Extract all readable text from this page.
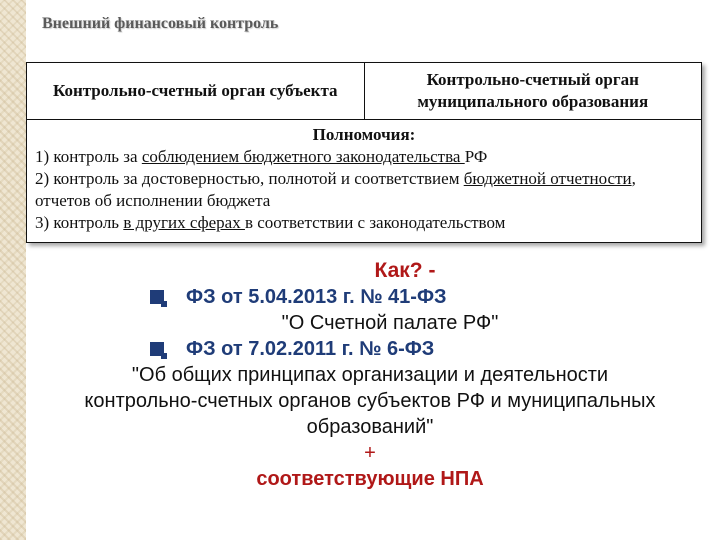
Внешний финансовый контроль
Контрольно-счетный орган субъекта
Контрольно-счетный орган муниципального образования
Полномочия:
1) контроль за соблюдением бюджетного законодательства РФ
2) контроль за достоверностью, полнотой и соответствием бюджетной отчетности, отчетов об исполнении бюджета
3) контроль в других сферах в соответствии с законодательством
Как? -
ФЗ от 5.04.2013 г. № 41-ФЗ
"О Счетной палате РФ"
ФЗ от 7.02.2011 г. № 6-ФЗ
"Об общих принципах организации и деятельности контрольно-счетных органов субъектов РФ и муниципальных образований"
+
соответствующие НПА
